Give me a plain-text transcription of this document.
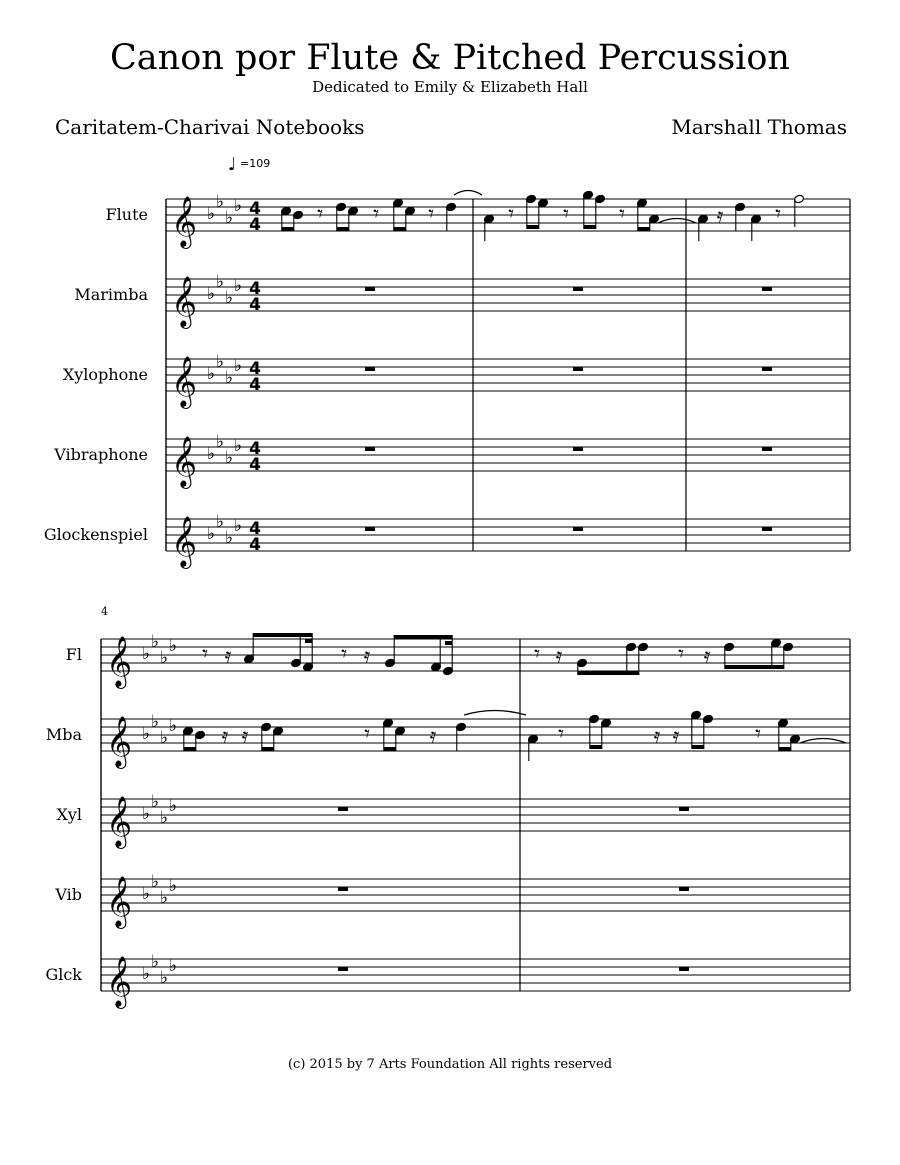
Canon por Flute & Pitched Percussion
Dedicated to Emily & Elizabeth Hall
Caritatem-Charivai Notebooks	Marshall Thomas
♩ =109
Flute 𝄞 ♭
♭
♭
♭ 4
4
Marimba 𝄞 ♭
♭
♭
♭ 4
4
Xylophone 𝄞 ♭
♭
♭
♭ 4
4
Vibraphone 𝄞 ♭
♭
♭
♭ 4
4
Glockenspiel 𝄞 ♭
♭
♭
♭ 4
4
𝄾 𝄾 𝄾	𝄾 𝄾 𝄾	𝄿 𝄾
4
Fl 𝄞 ♭
♭
♭
♭
Mba 𝄞 ♭
♭
♭
♭
Xyl 𝄞 ♭
♭
♭
♭
Vib 𝄞 ♭
♭
♭
♭
Glck 𝄞 ♭
♭
♭
♭
𝄾 𝄿	𝄾 𝄿	𝄾 𝄿	𝄾 𝄿
𝄿 𝄿	𝄾	𝄿	𝄾	𝄿 𝄿	𝄾
(c) 2015 by 7 Arts Foundation All rights reserved
